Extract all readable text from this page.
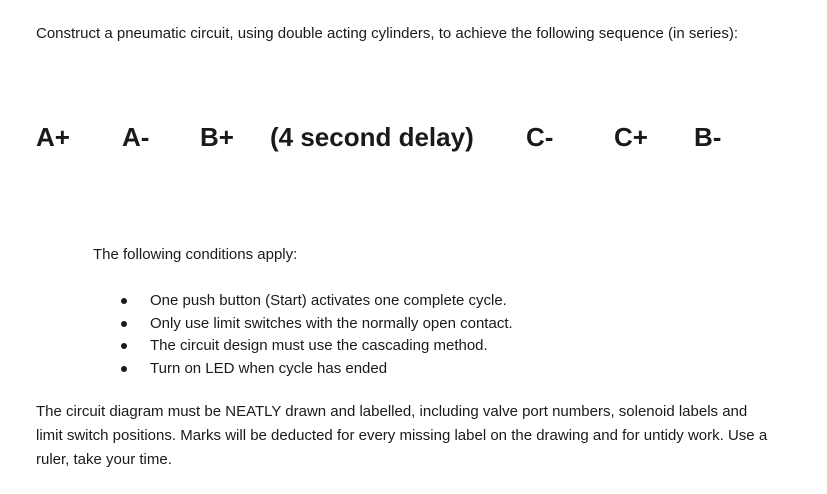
Construct a pneumatic circuit, using double acting cylinders, to achieve the following sequence (in series):

A+ A- B+ (4 second delay) C- C+ B-

The following conditions apply:

One push button (Start) activates one complete cycle.
Only use limit switches with the normally open contact.
The circuit design must use the cascading method.
Turn on LED when cycle has ended

The circuit diagram must be NEATLY drawn and labelled, including valve port numbers, solenoid labels and limit switch positions. Marks will be deducted for every missing label on the drawing and for untidy work. Use a ruler, take your time.
